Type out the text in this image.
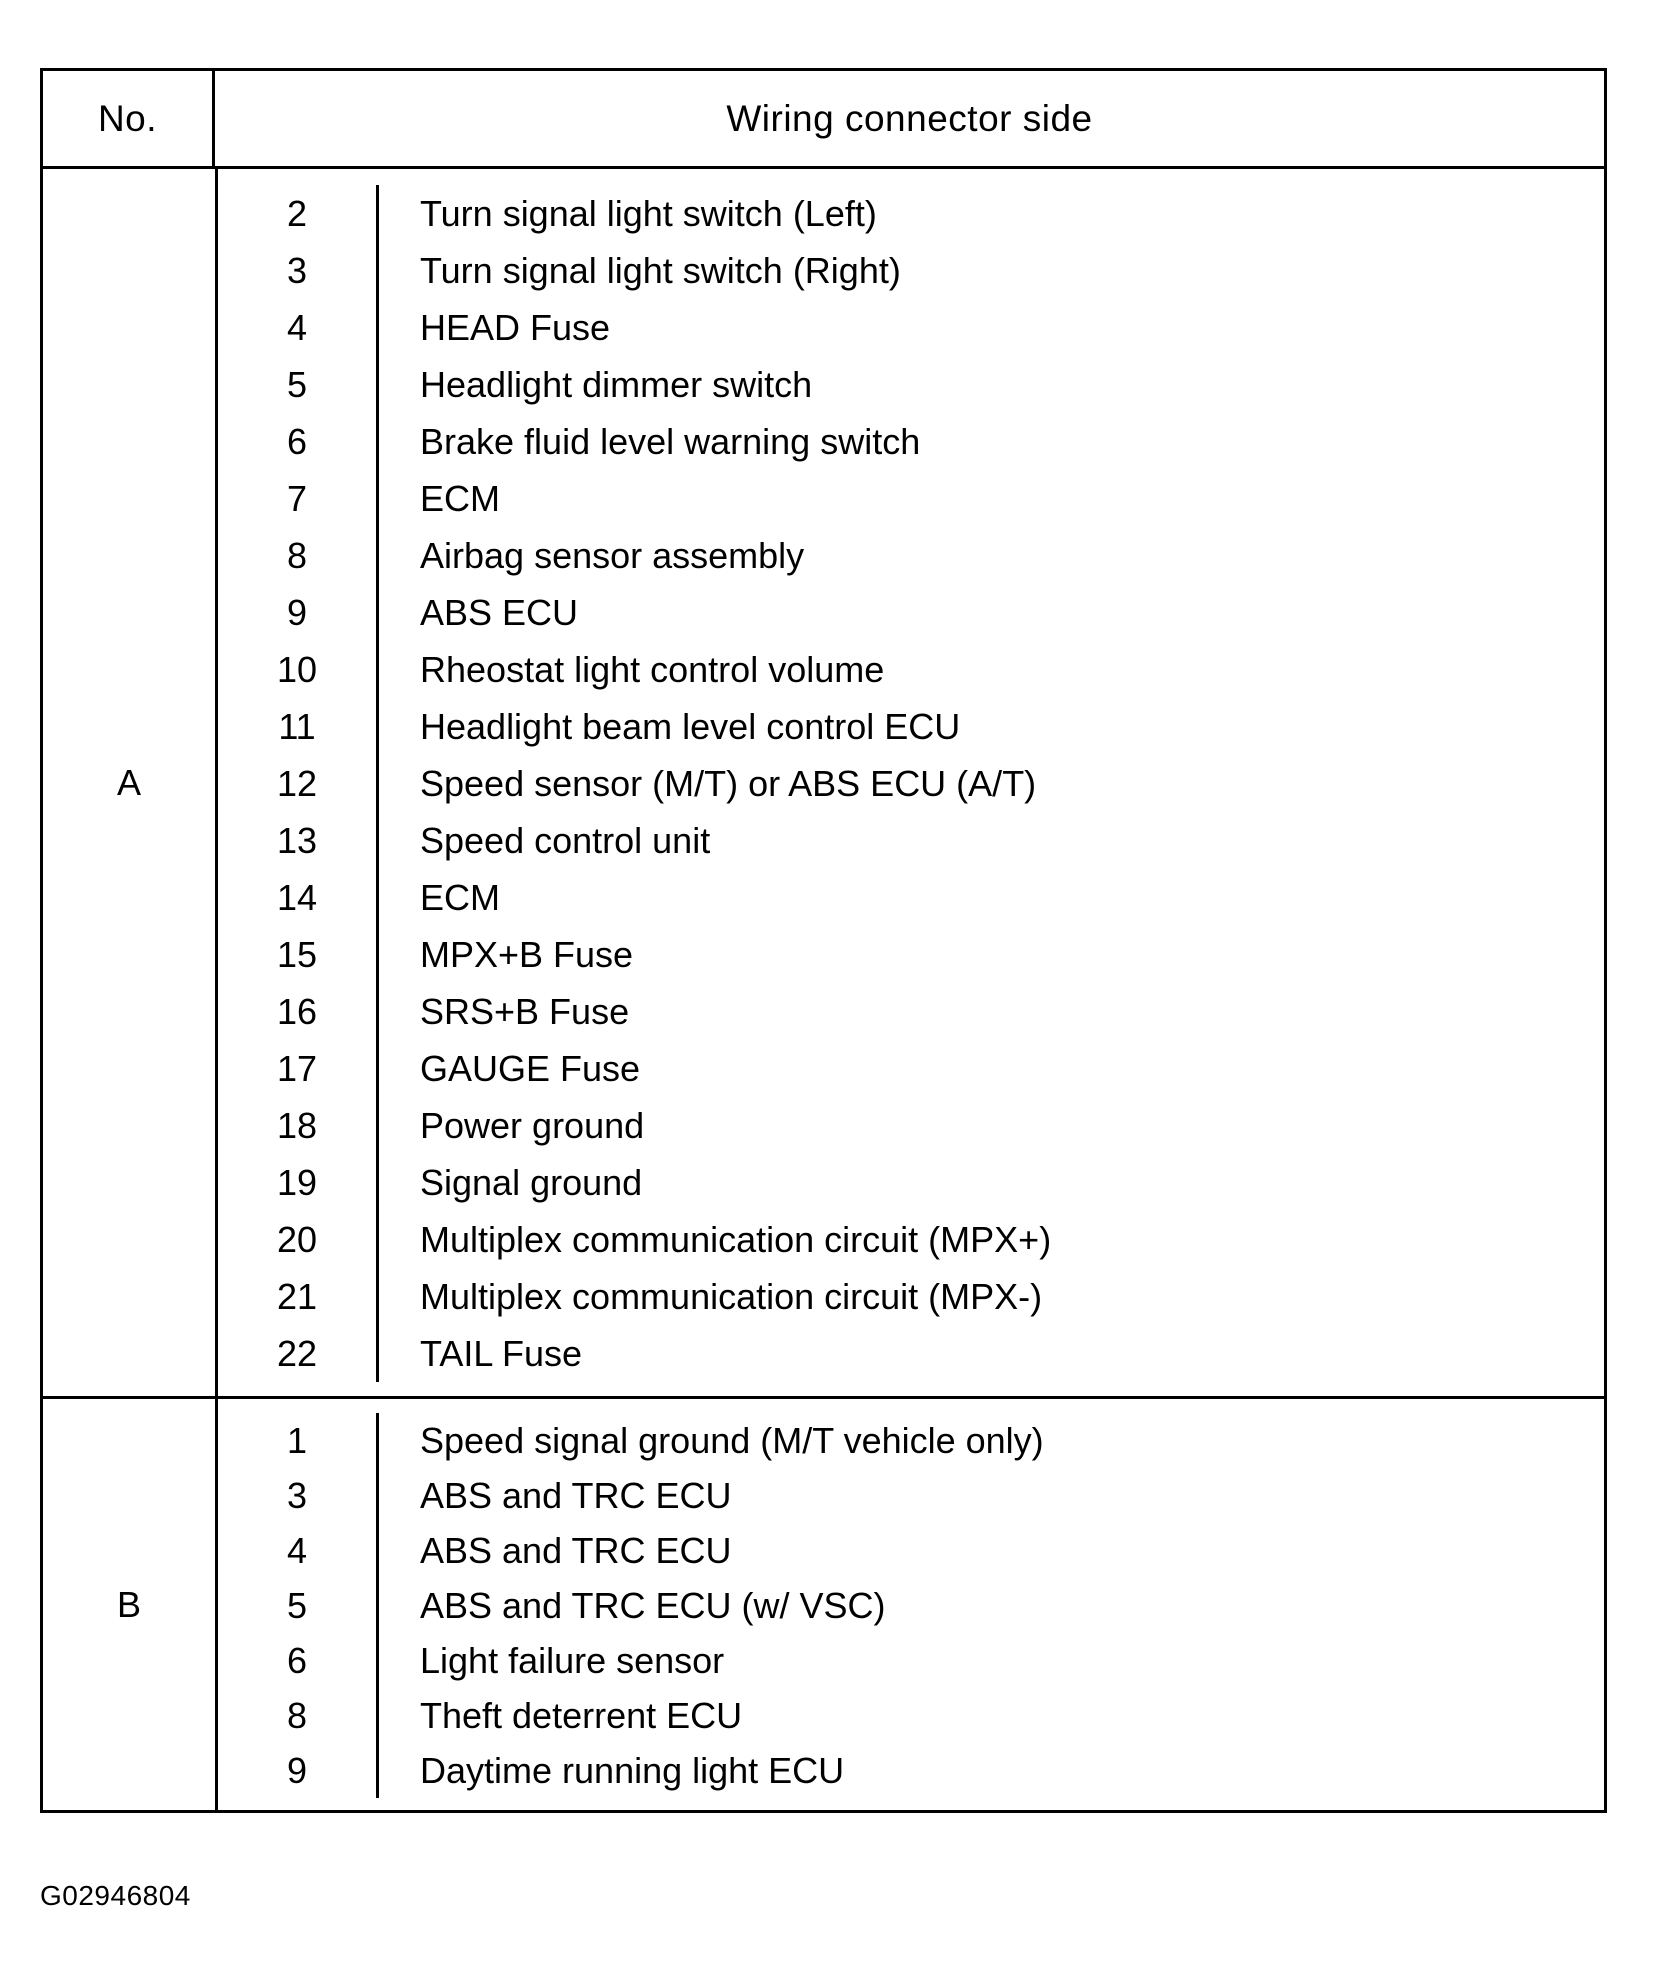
No.	Wiring connector side

A
2	Turn signal light switch (Left)
3	Turn signal light switch (Right)
4	HEAD Fuse
5	Headlight dimmer switch
6	Brake fluid level warning switch
7	ECM
8	Airbag sensor assembly
9	ABS ECU
10	Rheostat light control volume
11	Headlight beam level control ECU
12	Speed sensor (M/T) or ABS ECU (A/T)
13	Speed control unit
14	ECM
15	MPX+B Fuse
16	SRS+B Fuse
17	GAUGE Fuse
18	Power ground
19	Signal ground
20	Multiplex communication circuit (MPX+)
21	Multiplex communication circuit (MPX-)
22	TAIL Fuse

B
1	Speed signal ground (M/T vehicle only)
3	ABS and TRC ECU
4	ABS and TRC ECU
5	ABS and TRC ECU (w/ VSC)
6	Light failure sensor
8	Theft deterrent ECU
9	Daytime running light ECU
G02946804
